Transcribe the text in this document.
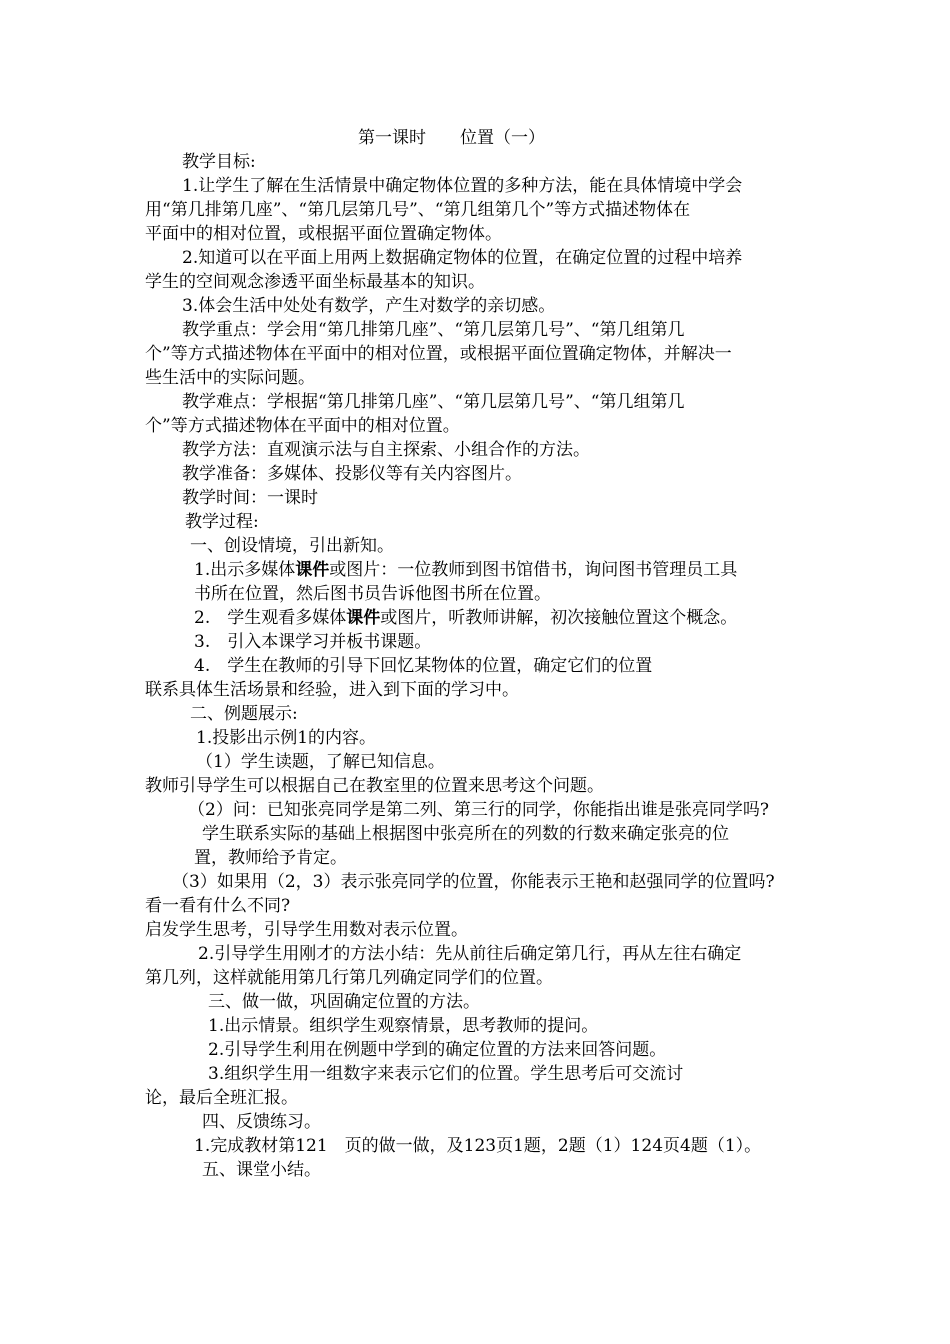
第一课时　　位置（一）

教学目标:

1.让学生了解在生活情景中确定物体位置的多种方法，能在具体情境中学会

用“第几排第几座”、“第几层第几号”、“第几组第几个”等方式描述物体在

平面中的相对位置，或根据平面位置确定物体。

2.知道可以在平面上用两上数据确定物体的位置，在确定位置的过程中培养

学生的空间观念渗透平面坐标最基本的知识。

3.体会生活中处处有数学，产生对数学的亲切感。

教学重点：学会用“第几排第几座”、“第几层第几号”、“第几组第几

个”等方式描述物体在平面中的相对位置，或根据平面位置确定物体，并解决一

些生活中的实际问题。

教学难点：学根据“第几排第几座”、“第几层第几号”、“第几组第几

个”等方式描述物体在平面中的相对位置。

教学方法：直观演示法与自主探索、小组合作的方法。

教学准备：多媒体、投影仪等有关内容图片。

教学时间：一课时

教学过程:

一、创设情境，引出新知。

1.出示多媒体课件或图片：一位教师到图书馆借书，询问图书管理员工具

书所在位置，然后图书员告诉他图书所在位置。

2.　学生观看多媒体课件或图片，听教师讲解，初次接触位置这个概念。

3.　引入本课学习并板书课题。

4.　学生在教师的引导下回忆某物体的位置，确定它们的位置

联系具体生活场景和经验，进入到下面的学习中。

二、例题展示:

1.投影出示例1的内容。

（1）学生读题，了解已知信息。

教师引导学生可以根据自己在教室里的位置来思考这个问题。

（2）问：已知张亮同学是第二列、第三行的同学，你能指出谁是张亮同学吗?

学生联系实际的基础上根据图中张亮所在的列数的行数来确定张亮的位

置，教师给予肯定。

（3）如果用（2，3）表示张亮同学的位置，你能表示王艳和赵强同学的位置吗?

看一看有什么不同?

启发学生思考，引导学生用数对表示位置。

2.引导学生用刚才的方法小结：先从前往后确定第几行，再从左往右确定

第几列，这样就能用第几行第几列确定同学们的位置。

三、做一做，巩固确定位置的方法。

1.出示情景。组织学生观察情景，思考教师的提问。

2.引导学生利用在例题中学到的确定位置的方法来回答问题。

3.组织学生用一组数字来表示它们的位置。学生思考后可交流讨

论，最后全班汇报。

四、反馈练习。

1.完成教材第121　页的做一做，及123页1题，2题（1）124页4题（1）。

五、课堂小结。
